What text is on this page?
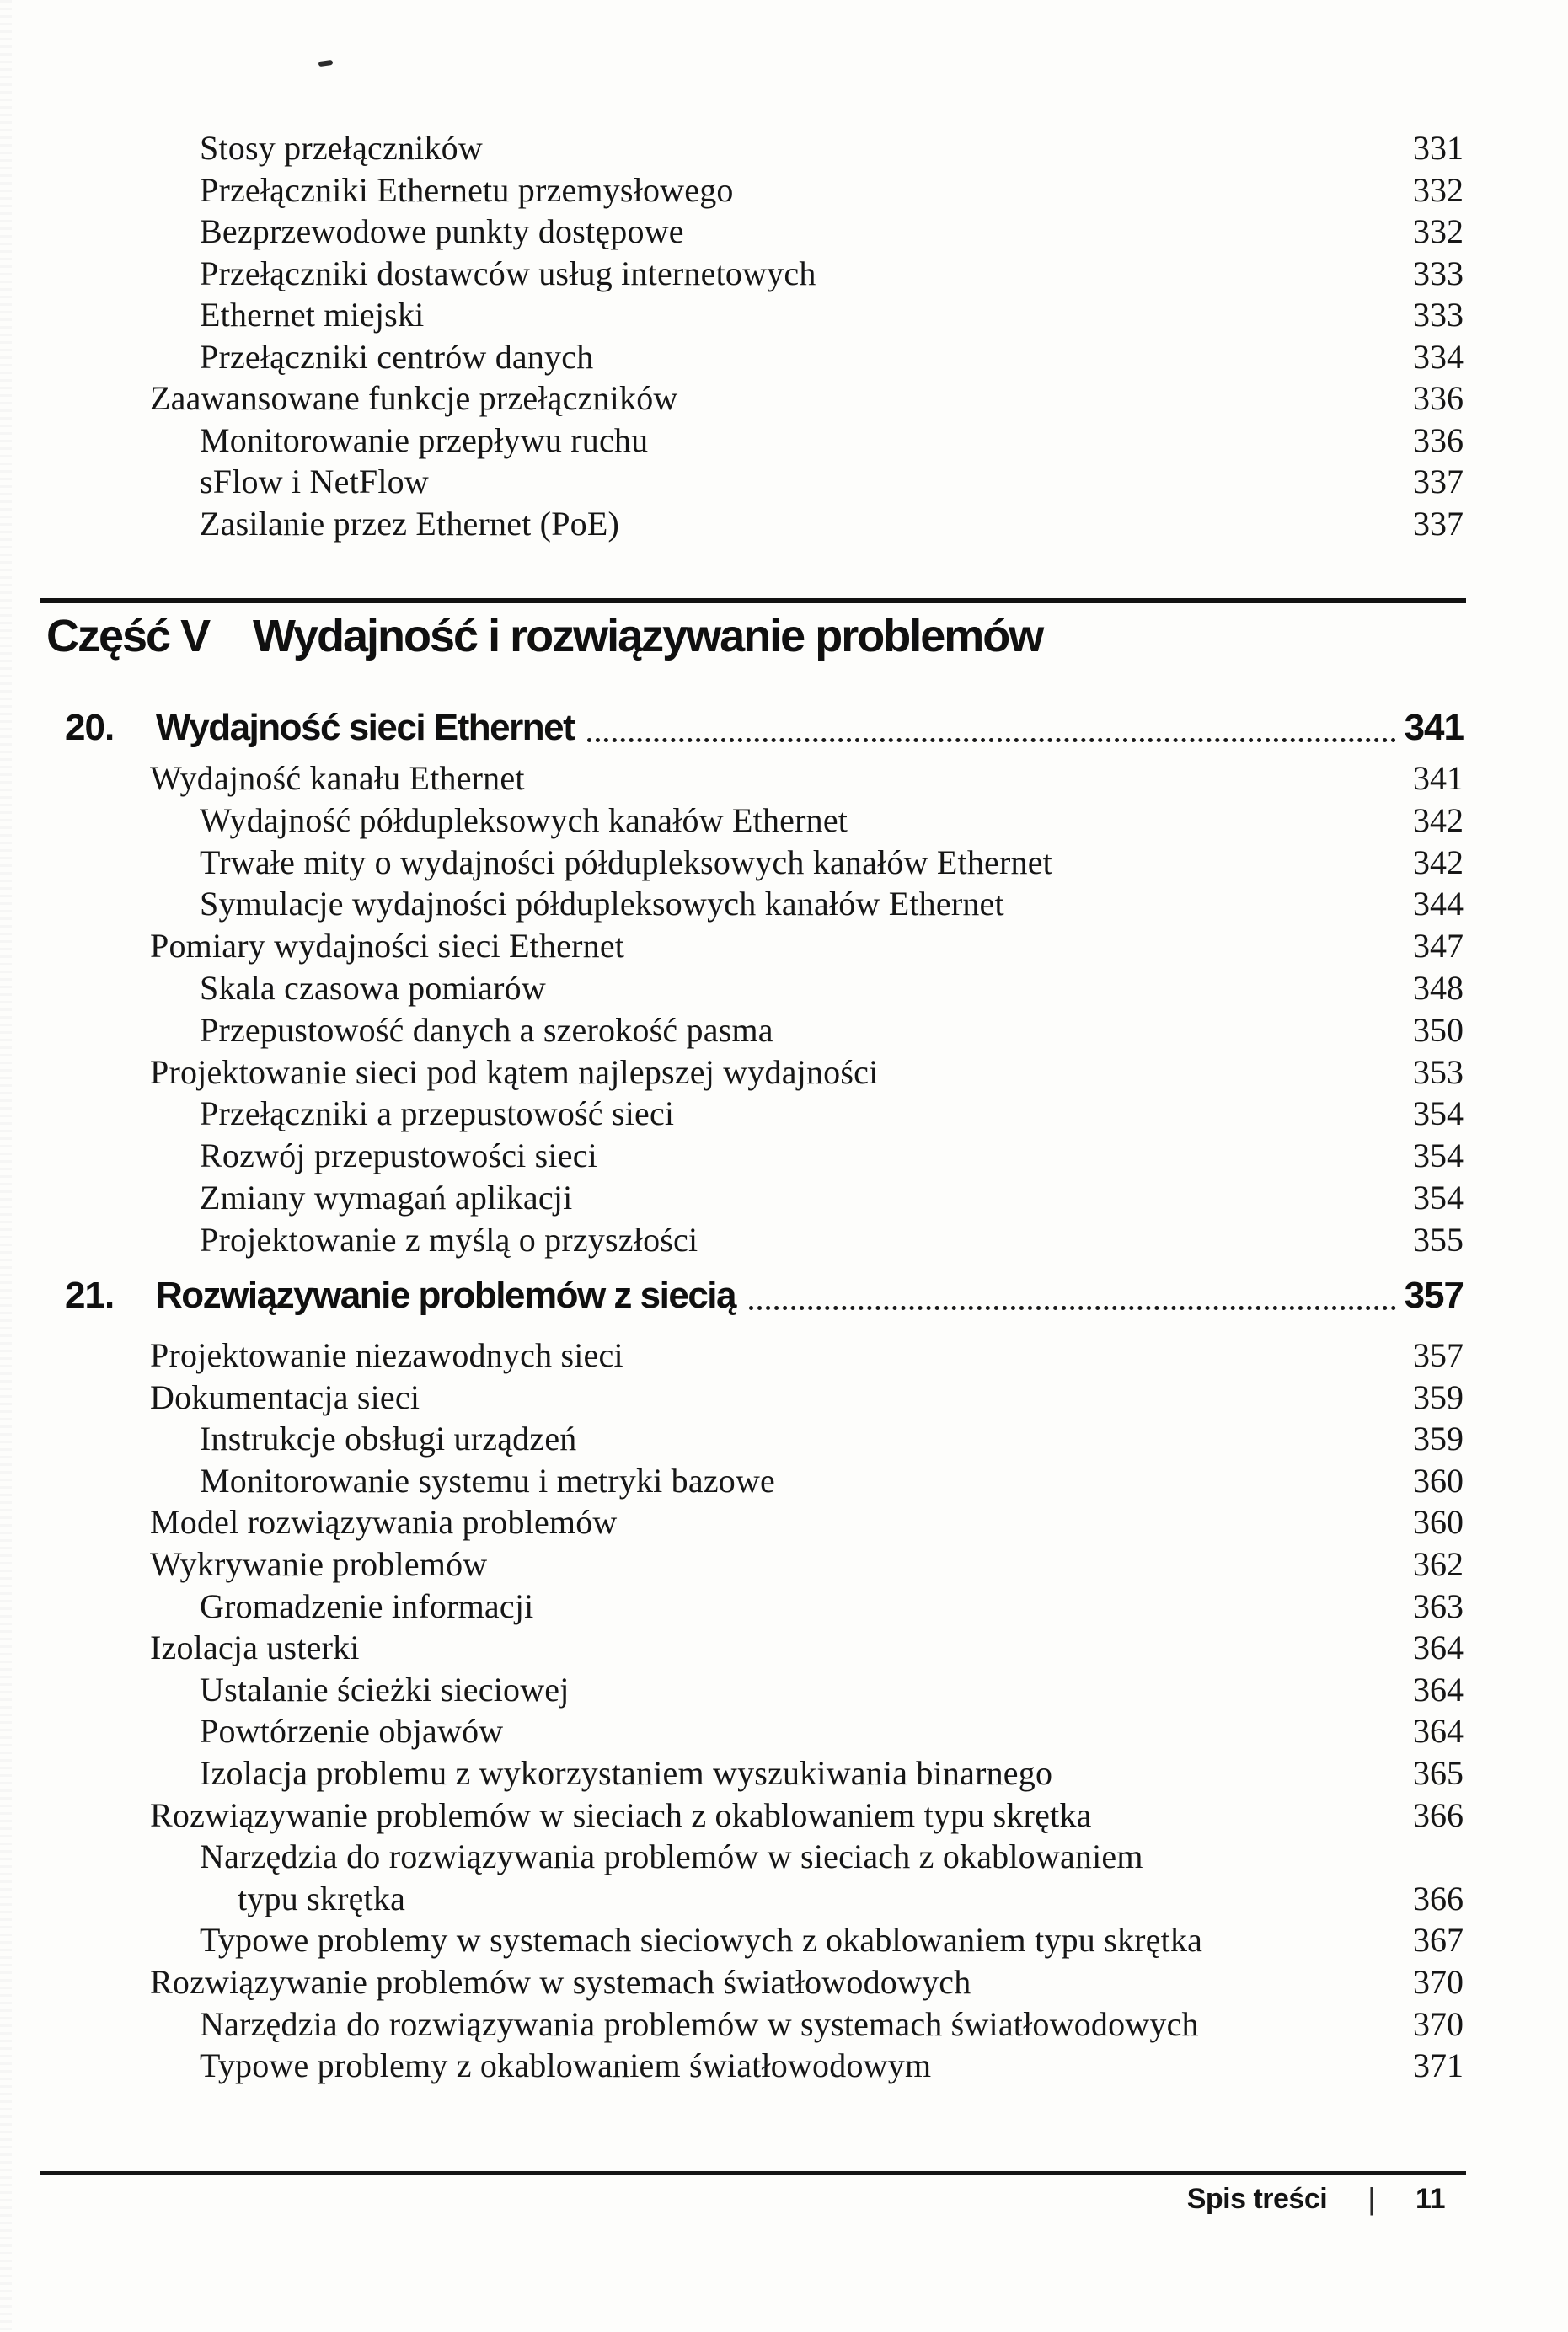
Stosy przełączników	331
Przełączniki Ethernetu przemysłowego	332
Bezprzewodowe punkty dostępowe	332
Przełączniki dostawców usług internetowych	333
Ethernet miejski	333
Przełączniki centrów danych	334
Zaawansowane funkcje przełączników	336
Monitorowanie przepływu ruchu	336
sFlow i NetFlow	337
Zasilanie przez Ethernet (PoE)	337
Część V Wydajność i rozwiązywanie problemów
20. Wydajność sieci Ethernet	341
Wydajność kanału Ethernet	341
Wydajność półdupleksowych kanałów Ethernet	342
Trwałe mity o wydajności półdupleksowych kanałów Ethernet	342
Symulacje wydajności półdupleksowych kanałów Ethernet	344
Pomiary wydajności sieci Ethernet	347
Skala czasowa pomiarów	348
Przepustowość danych a szerokość pasma	350
Projektowanie sieci pod kątem najlepszej wydajności	353
Przełączniki a przepustowość sieci	354
Rozwój przepustowości sieci	354
Zmiany wymagań aplikacji	354
Projektowanie z myślą o przyszłości	355
21. Rozwiązywanie problemów z siecią	357
Projektowanie niezawodnych sieci	357
Dokumentacja sieci	359
Instrukcje obsługi urządzeń	359
Monitorowanie systemu i metryki bazowe	360
Model rozwiązywania problemów	360
Wykrywanie problemów	362
Gromadzenie informacji	363
Izolacja usterki	364
Ustalanie ścieżki sieciowej	364
Powtórzenie objawów	364
Izolacja problemu z wykorzystaniem wyszukiwania binarnego	365
Rozwiązywanie problemów w sieciach z okablowaniem typu skrętka	366
Narzędzia do rozwiązywania problemów w sieciach z okablowaniem
typu skrętka	366
Typowe problemy w systemach sieciowych z okablowaniem typu skrętka	367
Rozwiązywanie problemów w systemach światłowodowych	370
Narzędzia do rozwiązywania problemów w systemach światłowodowych	370
Typowe problemy z okablowaniem światłowodowym	371
Spis treści | 11
